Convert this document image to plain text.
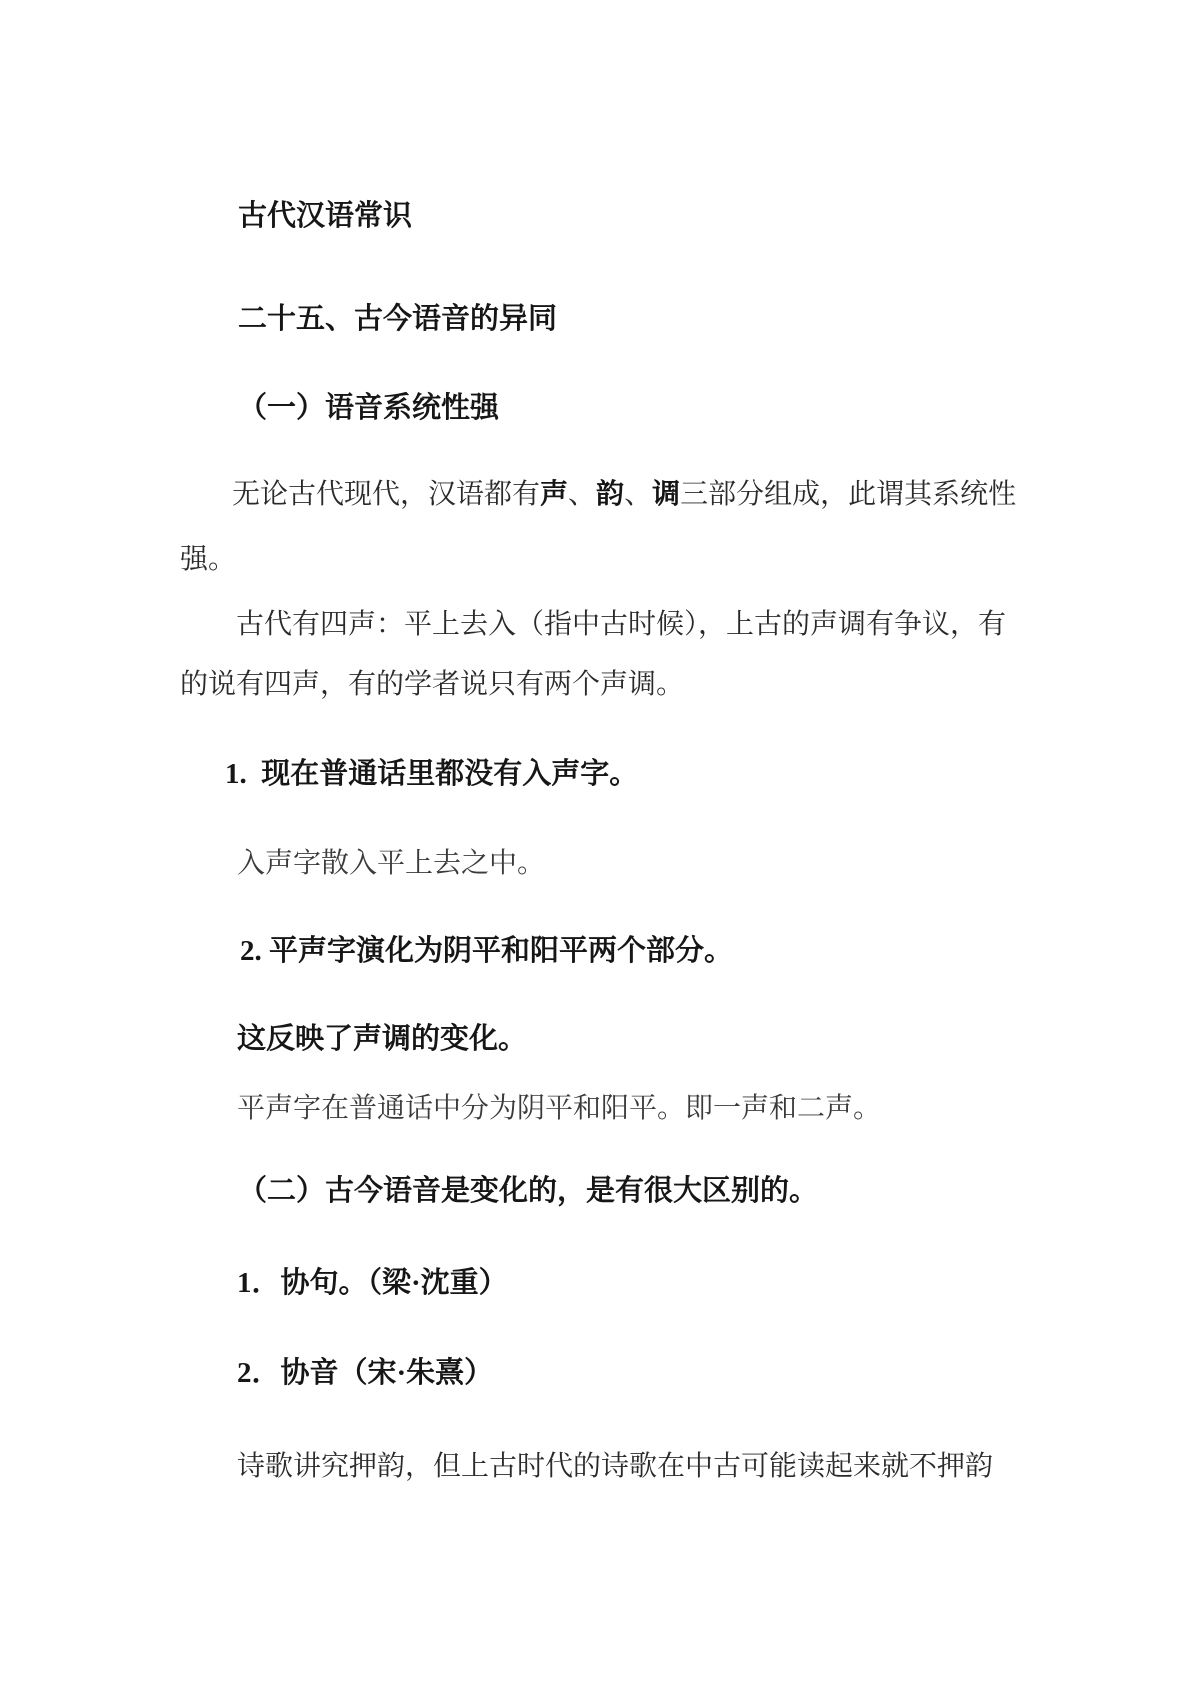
古代汉语常识
二十五、古今语音的异同
（一）语音系统性强
无论古代现代，汉语都有声、韵、调三部分组成，此谓其系统性
强。
古代有四声：平上去入（指中古时候），上古的声调有争议，有
的说有四声，有的学者说只有两个声调。
1.  现在普通话里都没有入声字。
入声字散入平上去之中。
2. 平声字演化为阴平和阳平两个部分。
这反映了声调的变化。
平声字在普通话中分为阴平和阳平。即一声和二声。
（二）古今语音是变化的，是有很大区别的。
1．协句。（梁·沈重）
2．协音（宋·朱熹）
诗歌讲究押韵，但上古时代的诗歌在中古可能读起来就不押韵
